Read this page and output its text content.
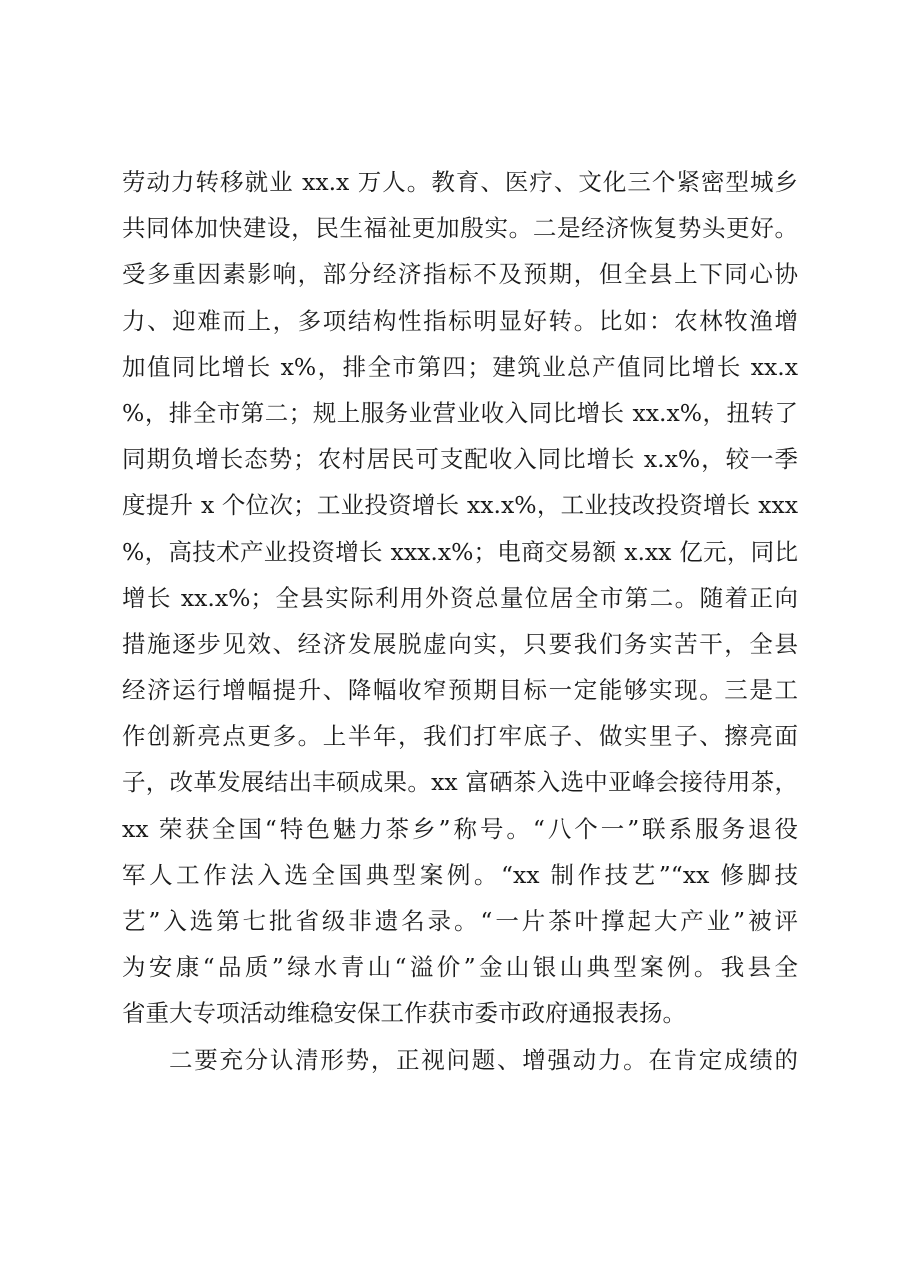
劳动力转移就业 xx.x 万人。教育、医疗、文化三个紧密型城乡
共同体加快建设，民生福祉更加殷实。二是经济恢复势头更好。
受多重因素影响，部分经济指标不及预期，但全县上下同心协
力、迎难而上，多项结构性指标明显好转。比如：农林牧渔增
加值同比增长 x%，排全市第四；建筑业总产值同比增长 xx.x
%，排全市第二；规上服务业营业收入同比增长 xx.x%，扭转了
同期负增长态势；农村居民可支配收入同比增长 x.x%，较一季
度提升 x 个位次；工业投资增长 xx.x%，工业技改投资增长 xxx
%，高技术产业投资增长 xxx.x%；电商交易额 x.xx 亿元，同比
增长 xx.x%；全县实际利用外资总量位居全市第二。随着正向
措施逐步见效、经济发展脱虚向实，只要我们务实苦干，全县
经济运行增幅提升、降幅收窄预期目标一定能够实现。三是工
作创新亮点更多。上半年，我们打牢底子、做实里子、擦亮面
子，改革发展结出丰硕成果。xx 富硒茶入选中亚峰会接待用茶，
xx 荣获全国“特色魅力茶乡”称号。“八个一”联系服务退役
军人工作法入选全国典型案例。“xx 制作技艺”“xx 修脚技
艺”入选第七批省级非遗名录。“一片茶叶撑起大产业”被评
为安康“品质”绿水青山“溢价”金山银山典型案例。我县全
省重大专项活动维稳安保工作获市委市政府通报表扬。
二要充分认清形势，正视问题、增强动力。在肯定成绩的
